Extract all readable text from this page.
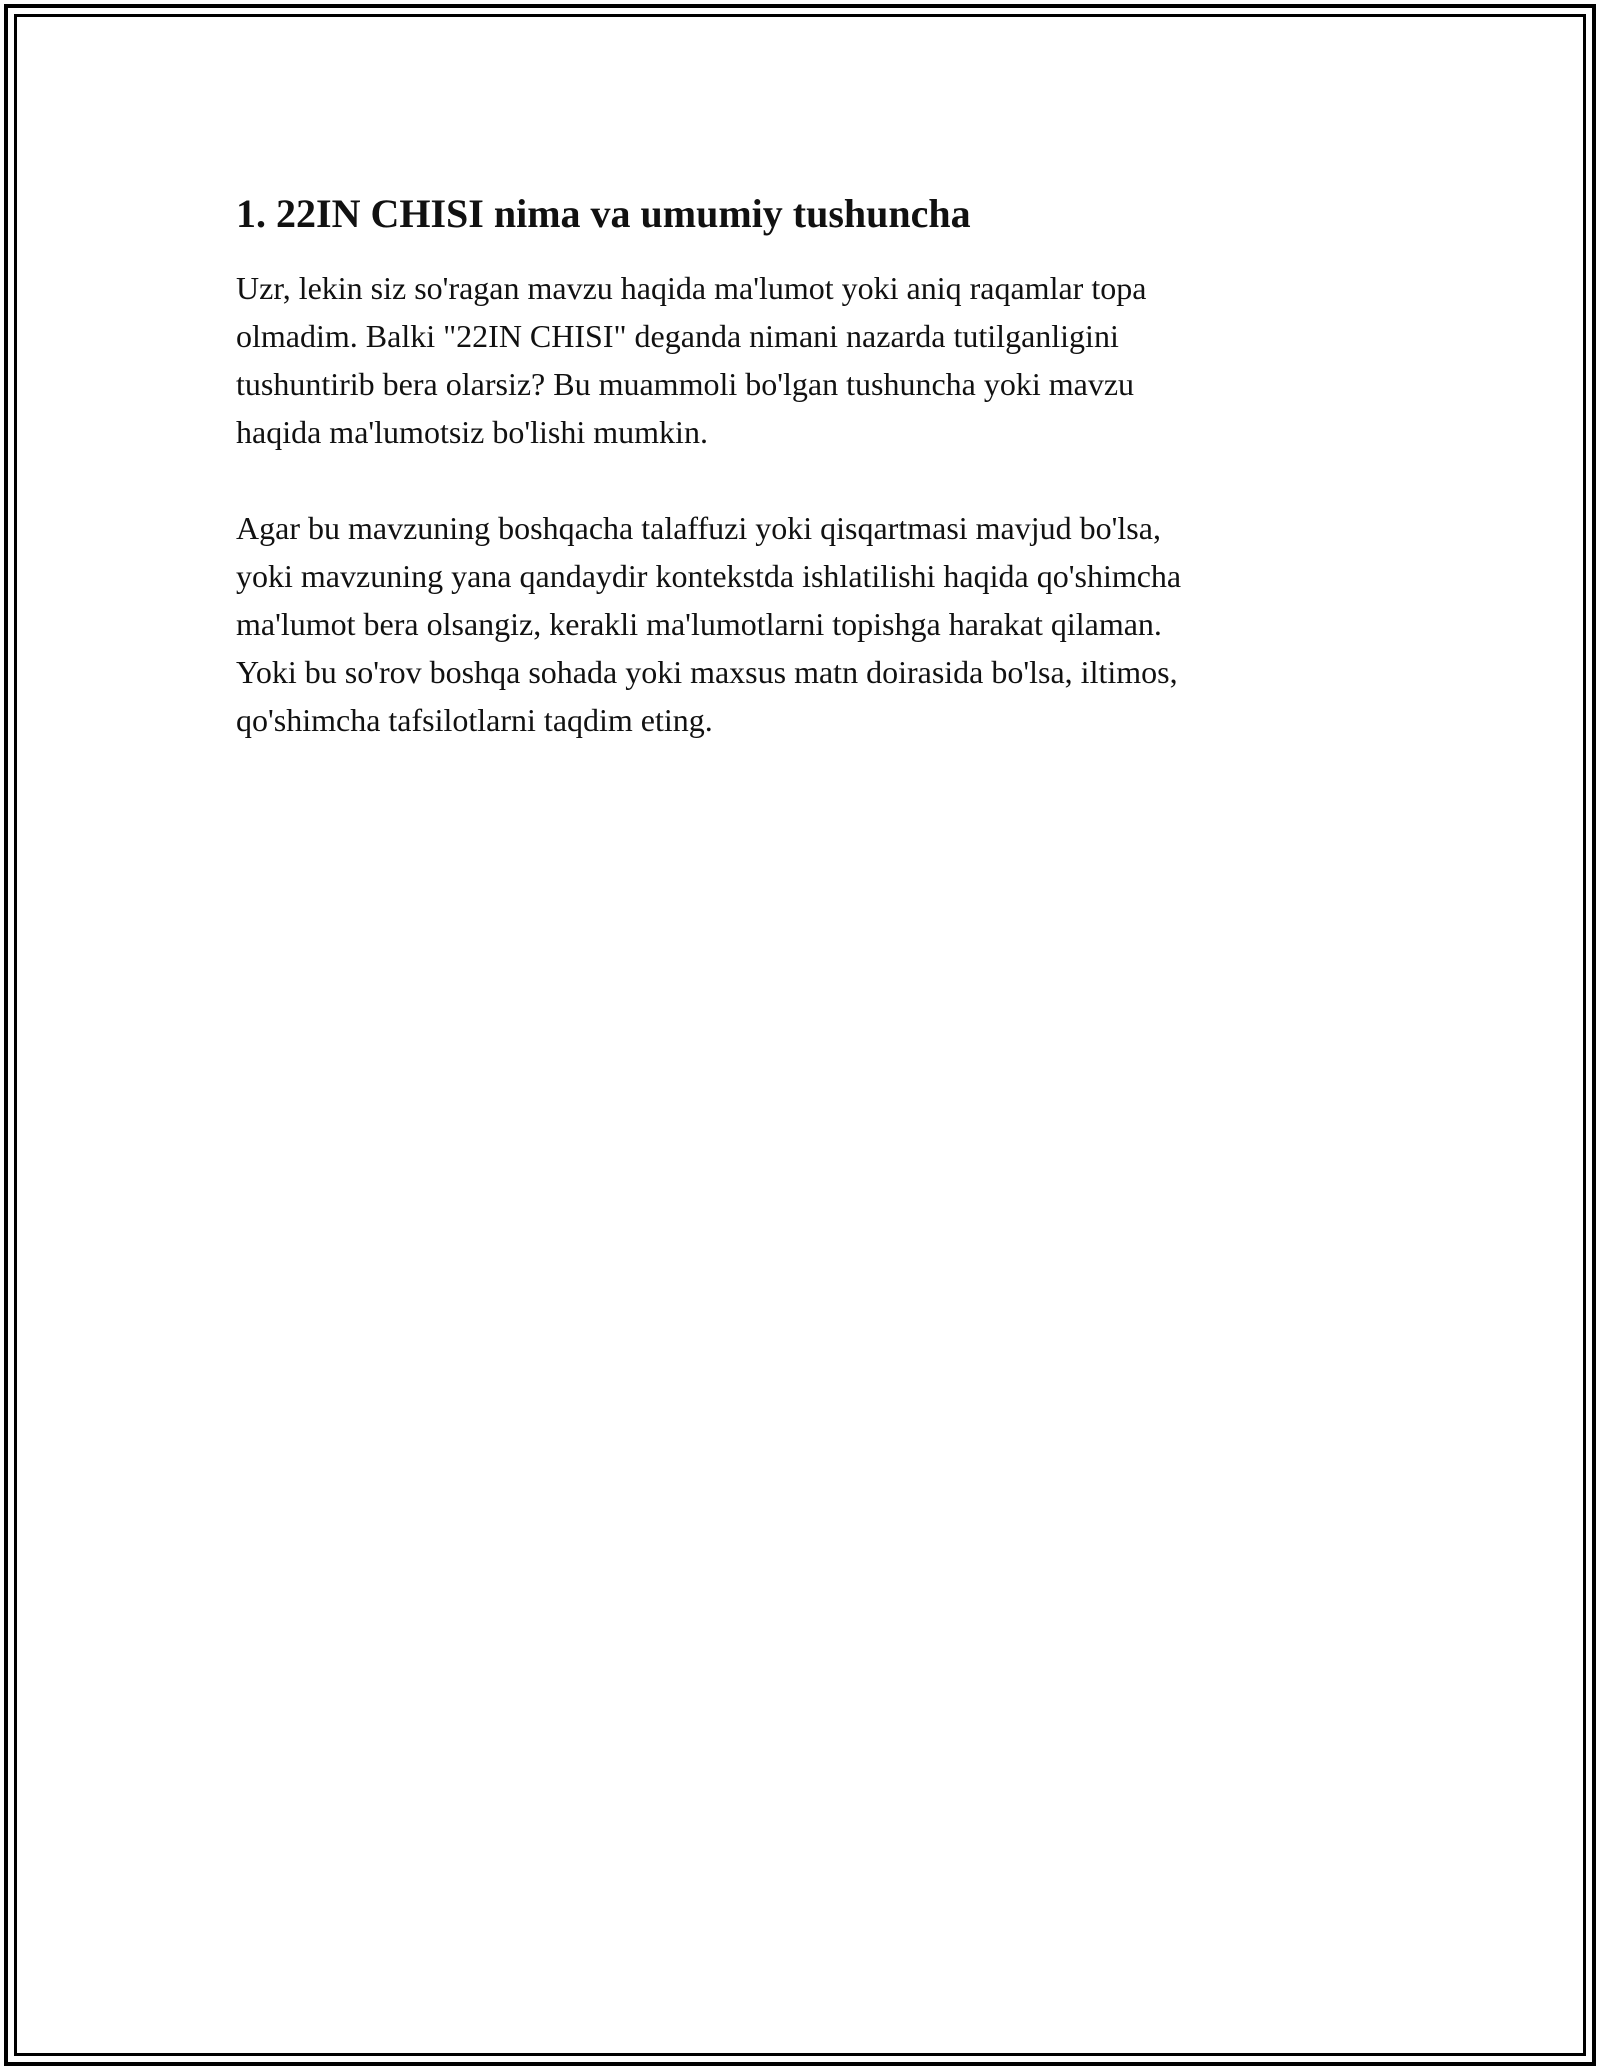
1. 22IN CHISI nima va umumiy tushuncha

Uzr, lekin siz so'ragan mavzu haqida ma'lumot yoki aniq raqamlar topa
olmadim. Balki "22IN CHISI" deganda nimani nazarda tutilganligini
tushuntirib bera olarsiz? Bu muammoli bo'lgan tushuncha yoki mavzu
haqida ma'lumotsiz bo'lishi mumkin.

Agar bu mavzuning boshqacha talaffuzi yoki qisqartmasi mavjud bo'lsa,
yoki mavzuning yana qandaydir kontekstda ishlatilishi haqida qo'shimcha
ma'lumot bera olsangiz, kerakli ma'lumotlarni topishga harakat qilaman.
Yoki bu so'rov boshqa sohada yoki maxsus matn doirasida bo'lsa, iltimos,
qo'shimcha tafsilotlarni taqdim eting.
